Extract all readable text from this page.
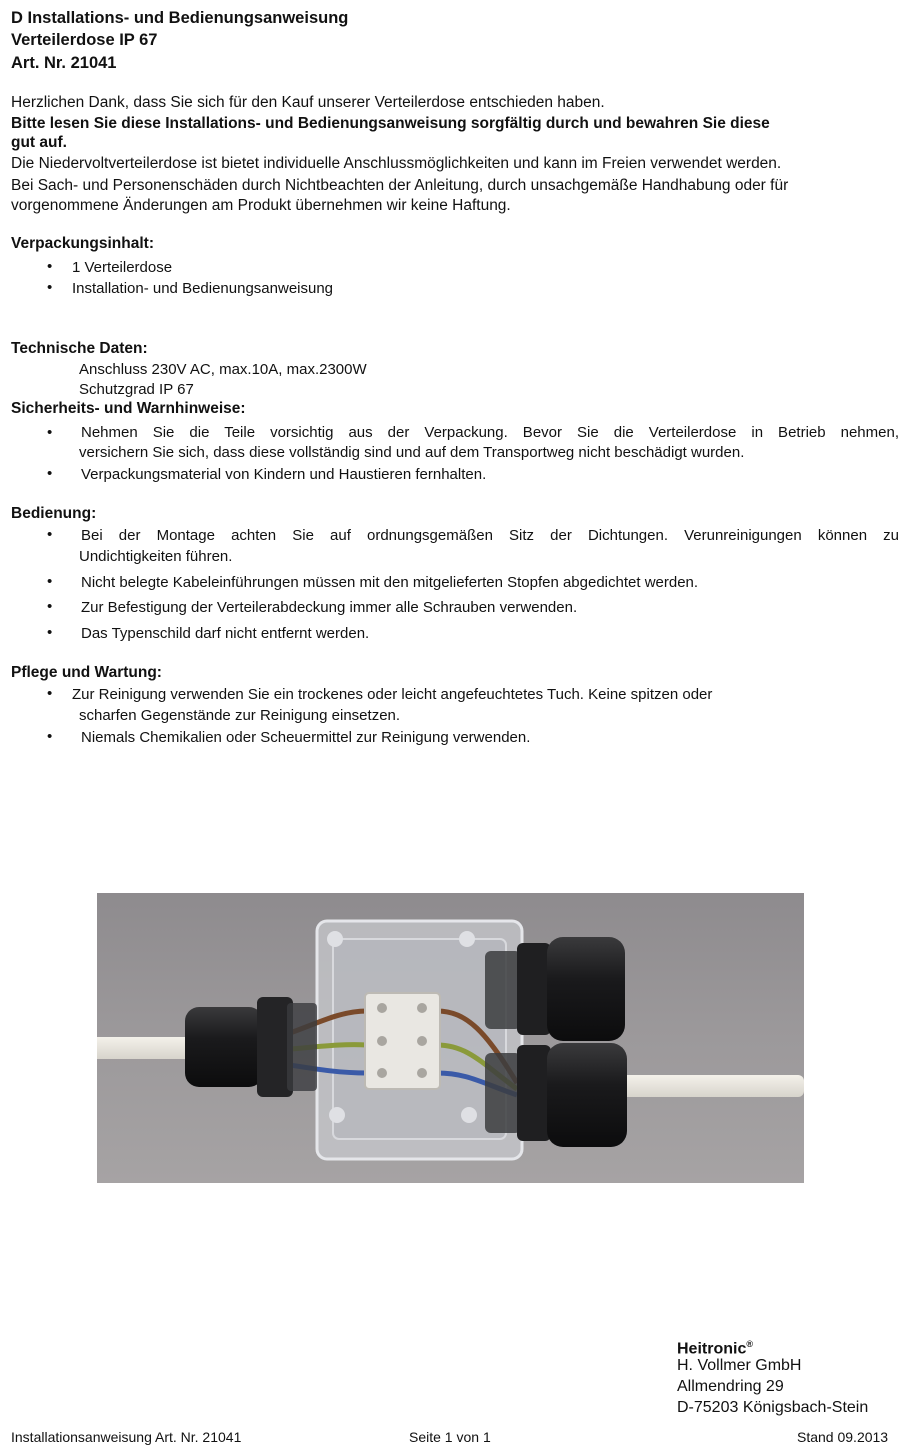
D Installations- und Bedienungsanweisung
Verteilerdose IP 67
Art. Nr. 21041
Herzlichen Dank, dass Sie sich für den Kauf unserer Verteilerdose entschieden haben.
Bitte lesen Sie diese Installations- und Bedienungsanweisung sorgfältig durch und bewahren Sie diese
gut auf.
Die Niedervoltverteilerdose ist bietet individuelle Anschlussmöglichkeiten und kann im Freien verwendet werden.
Bei Sach- und Personenschäden durch Nichtbeachten der Anleitung, durch unsachgemäße Handhabung oder für
vorgenommene Änderungen am Produkt übernehmen wir keine Haftung.
Verpackungsinhalt:
• 1 Verteilerdose
• Installation- und Bedienungsanweisung
Technische Daten:
Anschluss 230V AC, max.10A, max.2300W
Schutzgrad IP 67
Sicherheits- und Warnhinweise:
• Nehmen Sie die Teile vorsichtig aus der Verpackung. Bevor Sie die Verteilerdose in Betrieb nehmen,
versichern Sie sich, dass diese vollständig sind und auf dem Transportweg nicht beschädigt wurden.
• Verpackungsmaterial von Kindern und Haustieren fernhalten.
Bedienung:
• Bei der Montage achten Sie auf ordnungsgemäßen Sitz der Dichtungen. Verunreinigungen können zu
Undichtigkeiten führen.
• Nicht belegte Kabeleinführungen müssen mit den mitgelieferten Stopfen abgedichtet werden.
• Zur Befestigung der Verteilerabdeckung immer alle Schrauben verwenden.
• Das Typenschild darf nicht entfernt werden.
Pflege und Wartung:
• Zur Reinigung verwenden Sie ein trockenes oder leicht angefeuchtetes Tuch. Keine spitzen oder
scharfen Gegenstände zur Reinigung einsetzen.
• Niemals Chemikalien oder Scheuermittel zur Reinigung verwenden.
Heitronic®
H. Vollmer GmbH
Allmendring 29
D-75203 Königsbach-Stein
Installationsanweisung Art. Nr. 21041	Seite 1 von 1	Stand 09.2013
